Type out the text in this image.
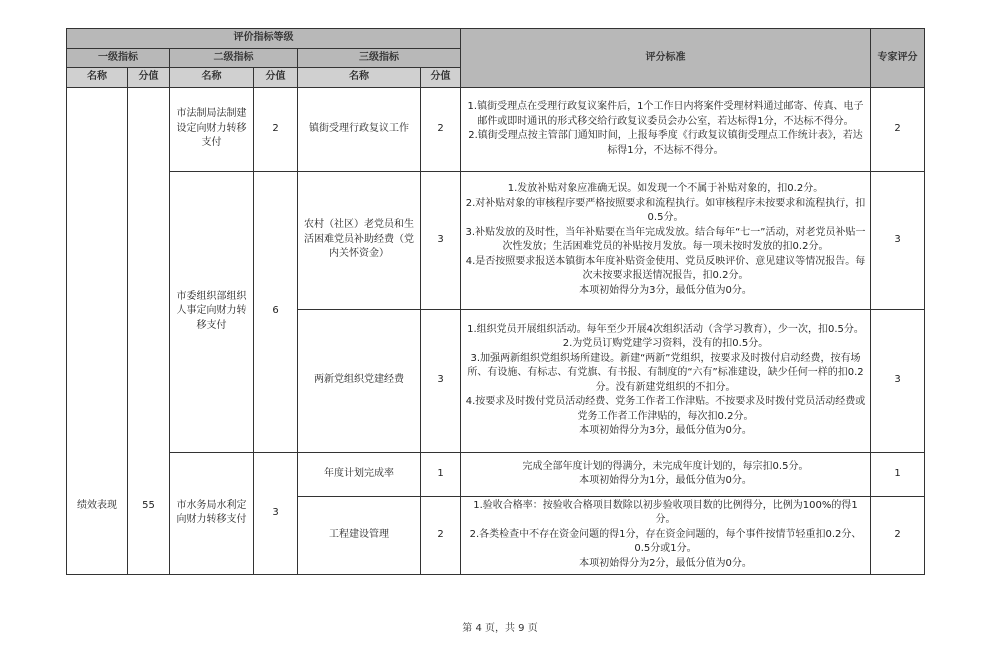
评价指标等级						评分标准	专家评分
一级指标		二级指标		三级指标			
名称	分值	名称	分值	名称	分值		
绩效表现	55	市法制局法制建设定向财力转移支付	2	镇街受理行政复议工作	2	1.镇街受理点在受理行政复议案件后，1个工作日内将案件受理材料通过邮寄、传真、电子邮件或即时通讯的形式移交给行政复议委员会办公室，若达标得1分，不达标不得分。

2.镇街受理点按主管部门通知时间，上报每季度《行政复议镇街受理点工作统计表》，若达标得1分，不达标不得分。	2
		市委组织部组织人事定向财力转移支付	6	农村（社区）老党员和生活困难党员补助经费（党内关怀资金）	3	1.发放补贴对象应准确无误。如发现一个不属于补贴对象的，扣0.2分。

2.对补贴对象的审核程序要严格按照要求和流程执行。如审核程序未按要求和流程执行，扣0.5分。

3.补贴发放的及时性，当年补贴要在当年完成发放。结合每年“七一”活动，对老党员补贴一次性发放；生活困难党员的补贴按月发放。每一项未按时发放的扣0.2分。

4.是否按照要求报送本镇街本年度补贴资金使用、党员反映评价、意见建议等情况报告。每次未按要求报送情况报告，扣0.2分。

本项初始得分为3分，最低分值为0分。	3
				两新党组织党建经费	3	1.组织党员开展组织活动。每年至少开展4次组织活动（含学习教育），少一次，扣0.5分。

2.为党员订购党建学习资料，没有的扣0.5分。

3.加强两新组织党组织场所建设。新建“两新”党组织，按要求及时拨付启动经费，按有场所、有设施、有标志、有党旗、有书报、有制度的“六有”标准建设，缺少任何一样的扣0.2分。没有新建党组织的不扣分。

4.按要求及时拨付党员活动经费、党务工作者工作津贴。不按要求及时拨付党员活动经费或党务工作者工作津贴的，每次扣0.2分。

本项初始得分为3分，最低分值为0分。	3
		市水务局水利定向财力转移支付	3	年度计划完成率	1	完成全部年度计划的得满分，未完成年度计划的，每宗扣0.5分。

本项初始得分为1分，最低分值为0分。	1
				工程建设管理	2	1.验收合格率：按验收合格项目数除以初步验收项目数的比例得分，比例为100%的得1分。

2.各类检查中不存在资金问题的得1分，存在资金问题的，每个事件按情节轻重扣0.2分、0.5分或1分。

本项初始得分为2分，最低分值为0分。	2
第 4 页，共 9 页
